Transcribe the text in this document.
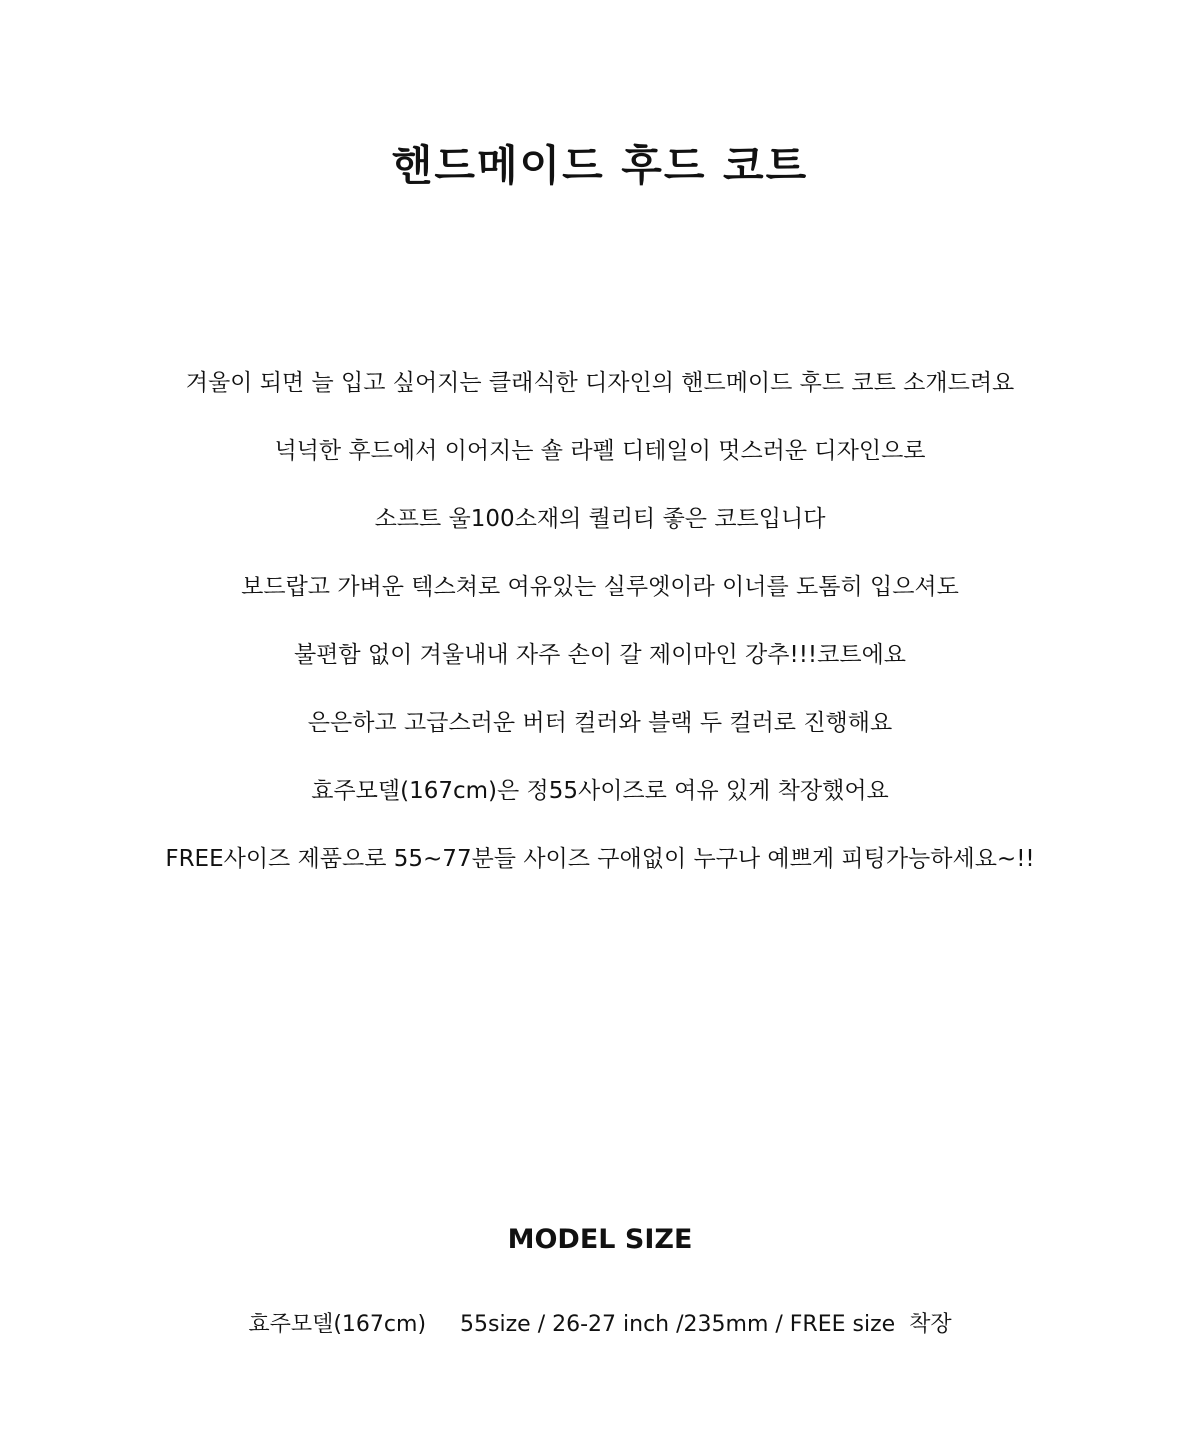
핸드메이드 후드 코트
겨울이 되면 늘 입고 싶어지는 클래식한 디자인의 핸드메이드 후드 코트 소개드려요
넉넉한 후드에서 이어지는 숄 라펠 디테일이 멋스러운 디자인으로
소프트 울100소재의 퀄리티 좋은 코트입니다
보드랍고 가벼운 텍스쳐로 여유있는 실루엣이라 이너를 도톰히 입으셔도
불편함 없이 겨울내내 자주 손이 갈 제이마인 강추!!!코트에요
은은하고 고급스러운 버터 컬러와 블랙 두 컬러로 진행해요
효주모델(167cm)은 정55사이즈로 여유 있게 착장했어요
FREE사이즈 제품으로 55~77분들 사이즈 구애없이 누구나 예쁘게 피팅가능하세요~!!
MODEL SIZE
효주모델(167cm) 55size / 26-27 inch /235mm / FREE size  착장
